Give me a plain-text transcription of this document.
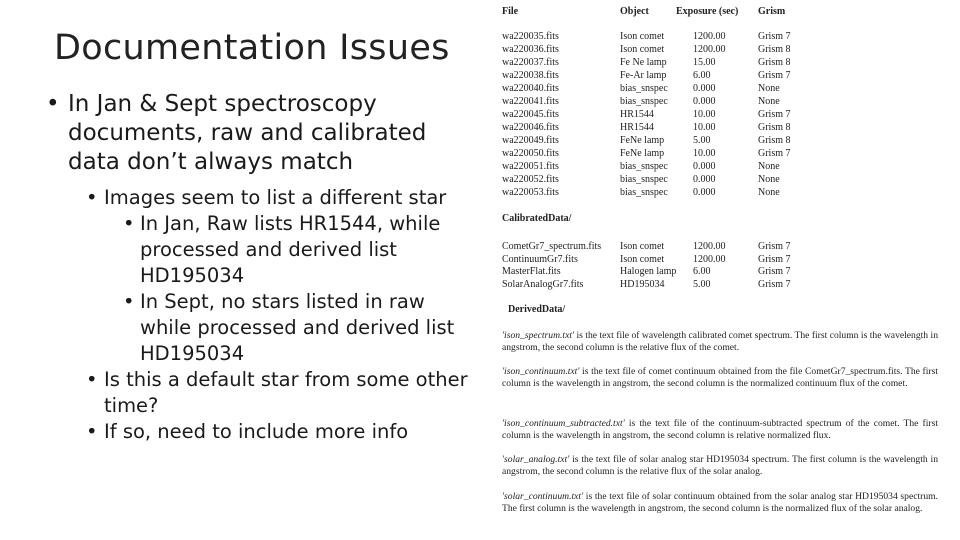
Documentation Issues
• In Jan & Sept spectroscopy documents, raw and calibrated data don’t always match
• Images seem to list a different star
• In Jan, Raw lists HR1544, while processed and derived list HD195034
• In Sept, no stars listed in raw while processed and derived list HD195034
• Is this a default star from some other time?
• If so, need to include more info
File	Object	Exposure (sec) Grism
wa220035.fits	Ison comet	1200.00	Grism 7
wa220036.fits	Ison comet	1200.00	Grism 8
wa220037.fits	Fe Ne lamp	15.00	Grism 8
wa220038.fits	Fe-Ar lamp	6.00	Grism 7
wa220040.fits	bias_snspec	0.000	None
wa220041.fits	bias_snspec	0.000	None
wa220045.fits	HR1544	10.00	Grism 7
wa220046.fits	HR1544	10.00	Grism 8
wa220049.fits	FeNe lamp	5.00	Grism 8
wa220050.fits	FeNe lamp	10.00	Grism 7
wa220051.fits	bias_snspec	0.000	None
wa220052.fits	bias_snspec	0.000	None
wa220053.fits	bias_snspec	0.000	None
CalibratedData/
CometGr7_spectrum.fits Ison comet	1200.00	Grism 7
ContinuumGr7.fits	Ison comet	1200.00	Grism 7
MasterFlat.fits	Halogen lamp 6.00	Grism 7
SolarAnalogGr7.fits	HD195034	5.00	Grism 7
DerivedData/
'ison_spectrum.txt' is the text file of wavelength calibrated comet spectrum. The first column is the wavelength in angstrom, the second column is the relative flux of the comet.
'ison_continuum.txt' is the text file of comet continuum obtained from the file CometGr7_spectrum.fits. The first column is the wavelength in angstrom, the second column is the normalized continuum flux of the comet.
'ison_continuum_subtracted.txt' is the text file of the continuum-subtracted spectrum of the comet. The first column is the wavelength in angstrom, the second column is relative normalized flux.
'solar_analog.txt' is the text file of solar analog star HD195034 spectrum. The first column is the wavelength in angstrom, the second column is the relative flux of the solar analog.
'solar_continuum.txt' is the text file of solar continuum obtained from the solar analog star HD195034 spectrum. The first column is the wavelength in angstrom, the second column is the normalized flux of the solar analog.
